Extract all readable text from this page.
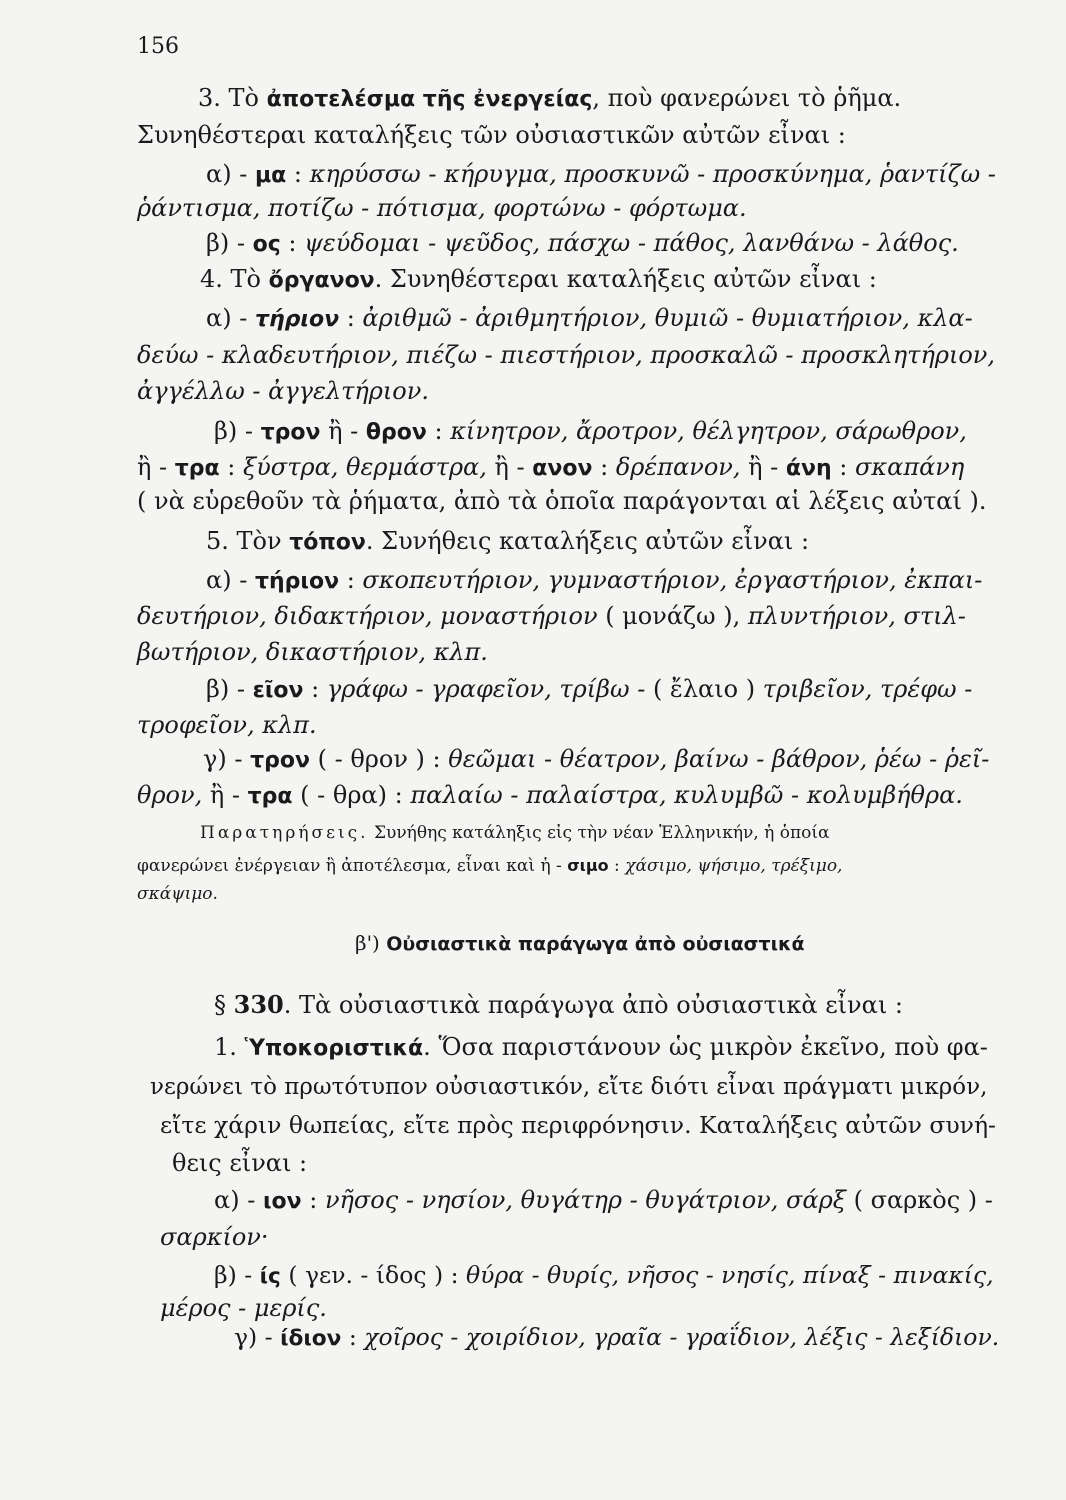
156
3. Τὸ ἀποτελέσμα τῆς ἐνεργείας, ποὺ φανερώνει τὸ ῥῆμα.
Συνηθέστεραι καταλήξεις τῶν οὐσιαστικῶν αὐτῶν εἶναι :
α) - μα : κηρύσσω - κήρυγμα, προσκυνῶ - προσκύνημα, ῥαντίζω -
ῥάντισμα, ποτίζω - πότισμα, φορτώνω - φόρτωμα.
β) - ος : ψεύδομαι - ψεῦδος, πάσχω - πάθος, λανθάνω - λάθος.
4. Τὸ ὄργανον. Συνηθέστεραι καταλήξεις αὐτῶν εἶναι :
α) - τήριον : ἀριθμῶ - ἀριθμητήριον, θυμιῶ - θυμιατήριον, κλα-
δεύω - κλαδευτήριον, πιέζω - πιεστήριον, προσκαλῶ - προσκλητήριον,
ἀγγέλλω - ἀγγελτήριον.
β) - τρον ἢ - θρον : κίνητρον, ἄροτρον, θέλγητρον, σάρωθρον,
ἢ - τρα : ξύστρα, θερμάστρα, ἢ - ανον : δρέπανον, ἢ - άνη : σκαπάνη
( νὰ εὑρεθοῦν τὰ ῥήματα, ἀπὸ τὰ ὁποῖα παράγονται αἱ λέξεις αὐταί ).
5. Τὸν τόπον. Συνήθεις καταλήξεις αὐτῶν εἶναι :
α) - τήριον : σκοπευτήριον, γυμναστήριον, ἐργαστήριον, ἐκπαι-
δευτήριον, διδακτήριον, μοναστήριον ( μονάζω ), πλυντήριον, στιλ-
βωτήριον, δικαστήριον, κλπ.
β) - εῖον : γράφω - γραφεῖον, τρίβω - ( ἔλαιο ) τριβεῖον, τρέφω -
τροφεῖον, κλπ.
γ) - τρον ( - θρον ) : θεῶμαι - θέατρον, βαίνω - βάθρον, ῥέω - ῥεῖ-
θρον, ἢ - τρα ( - θρα) : παλαίω - παλαίστρα, κυλυμβῶ - κολυμβήθρα.
Παρατηρήσεις. Συνήθης κατάληξις εἰς τὴν νέαν Ἑλληνικήν, ἡ ὁποία
φανερώνει ἐνέργειαν ἢ ἀποτέλεσμα, εἶναι καὶ ἡ - σιμο : χάσιμο, ψήσιμο, τρέξιμο,
σκάψιμο.
β') Οὐσιαστικὰ παράγωγα ἀπὸ οὐσιαστικά
§ 330. Τὰ οὐσιαστικὰ παράγωγα ἀπὸ οὐσιαστικὰ εἶναι :
1. Ὑποκοριστικά. Ὅσα παριστάνουν ὡς μικρὸν ἐκεῖνο, ποὺ φα-
νερώνει τὸ πρωτότυπον οὐσιαστικόν, εἴτε διότι εἶναι πράγματι μικρόν,
εἴτε χάριν θωπείας, εἴτε πρὸς περιφρόνησιν. Καταλήξεις αὐτῶν συνή-
θεις εἶναι :
α) - ιον : νῆσος - νησίον, θυγάτηρ - θυγάτριον, σάρξ ( σαρκὸς ) -
σαρκίον·
β) - ίς ( γεν. - ίδος ) : θύρα - θυρίς, νῆσος - νησίς, πίναξ - πινακίς,
μέρος - μερίς.
γ) - ίδιον : χοῖρος - χοιρίδιον, γραῖα - γραΐδιον, λέξις - λεξίδιον.
